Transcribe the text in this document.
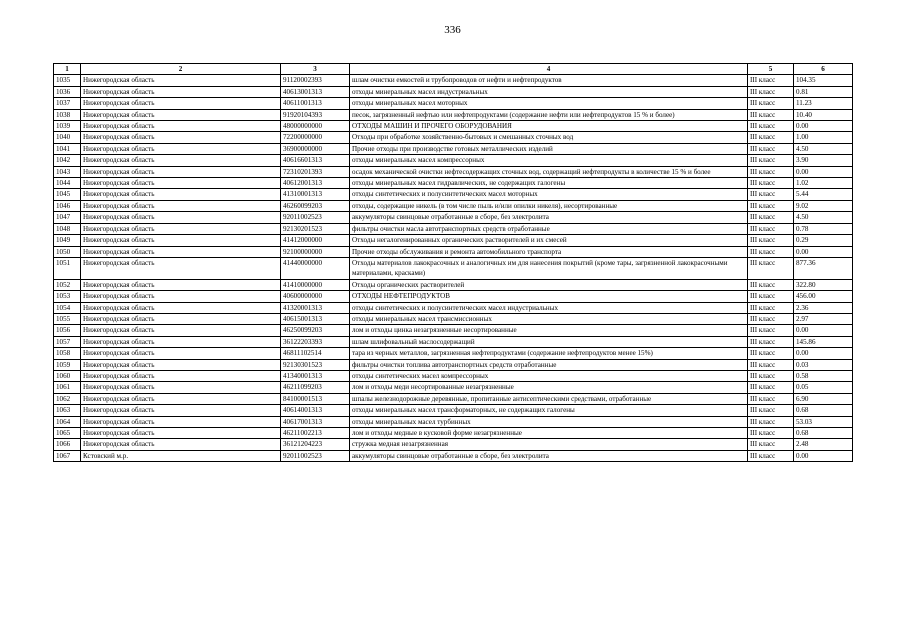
336
1	2	3	4	5	6
1035	Нижегородская область	91120002393	шлам очистки емкостей и трубопроводов от нефти и нефтепродуктов	III класс	104.35
1036	Нижегородская область	40613001313	отходы минеральных масел индустриальных	III класс	0.81
1037	Нижегородская область	40611001313	отходы минеральных масел моторных	III класс	11.23
1038	Нижегородская область	91920104393	песок, загрязненный нефтью или нефтепродуктами (содержание нефти или нефтепродуктов 15 % и более)	III класс	10.40
1039	Нижегородская область	48000000000	ОТХОДЫ МАШИН И ПРОЧЕГО ОБОРУДОВАНИЯ	III класс	0.00
1040	Нижегородская область	72200000000	Отходы при обработке хозяйственно-бытовых и смешанных сточных вод	III класс	1.00
1041	Нижегородская область	36900000000	Прочие отходы при производстве готовых металлических изделий	III класс	4.50
1042	Нижегородская область	40616601313	отходы минеральных масел компрессорных	III класс	3.90
1043	Нижегородская область	72310201393	осадок механической очистки нефтесодержащих сточных вод, содержащий нефтепродукты в количестве 15 % и более	III класс	0.00
1044	Нижегородская область	40612001313	отходы минеральных масел гидравлических, не содержащих галогены	III класс	1.02
1045	Нижегородская область	41310001313	отходы синтетических и полусинтетических масел моторных	III класс	5.44
1046	Нижегородская область	46260099203	отходы, содержащие никель (в том числе пыль и/или опилки никеля), несортированные	III класс	9.02
1047	Нижегородская область	92011002523	аккумуляторы свинцовые отработанные в сборе, без электролита	III класс	4.50
1048	Нижегородская область	92130201523	фильтры очистки масла автотранспортных средств отработанные	III класс	0.78
1049	Нижегородская область	41412000000	Отходы негалогенированных органических растворителей и их смесей	III класс	0.29
1050	Нижегородская область	92100000000	Прочие отходы обслуживания и ремонта автомобильного транспорта	III класс	0.00
1051	Нижегородская область	41440000000	Отходы материалов лакокрасочных и аналогичных им для нанесения покрытий (кроме тары, загрязненной лакокрасочными материалами, красками)	III класс	877.36
1052	Нижегородская область	41410000000	Отходы органических растворителей	III класс	322.80
1053	Нижегородская область	40600000000	ОТХОДЫ НЕФТЕПРОДУКТОВ	III класс	456.00
1054	Нижегородская область	41320001313	отходы синтетических и полусинтетических масел индустриальных	III класс	2.36
1055	Нижегородская область	40615001313	отходы минеральных масел трансмиссионных	III класс	2.97
1056	Нижегородская область	46250099203	лом и отходы цинка незагрязненные несортированные	III класс	0.00
1057	Нижегородская область	36122203393	шлам шлифовальный маслосодержащий	III класс	145.86
1058	Нижегородская область	46811102514	тара из черных металлов, загрязненная нефтепродуктами (содержание нефтепродуктов менее 15%)	III класс	0.00
1059	Нижегородская область	92130301523	фильтры очистки топлива автотранспортных средств отработанные	III класс	0.03
1060	Нижегородская область	41340001313	отходы синтетических масел компрессорных	III класс	0.58
1061	Нижегородская область	46211099203	лом и отходы меди несортированные незагрязненные	III класс	0.05
1062	Нижегородская область	84100001513	шпалы железнодорожные деревянные, пропитанные антисептическими средствами, отработанные	III класс	6.90
1063	Нижегородская область	40614001313	отходы минеральных масел трансформаторных, не содержащих галогены	III класс	0.68
1064	Нижегородская область	40617001313	отходы минеральных масел турбинных	III класс	53.03
1065	Нижегородская область	46211002213	лом и отходы медные в кусковой форме незагрязненные	III класс	0.68
1066	Нижегородская область	36121204223	стружка медная незагрязненная	III класс	2.48
1067	Кстовский м.р.	92011002523	аккумуляторы свинцовые отработанные в сборе, без электролита	III класс	0.00
